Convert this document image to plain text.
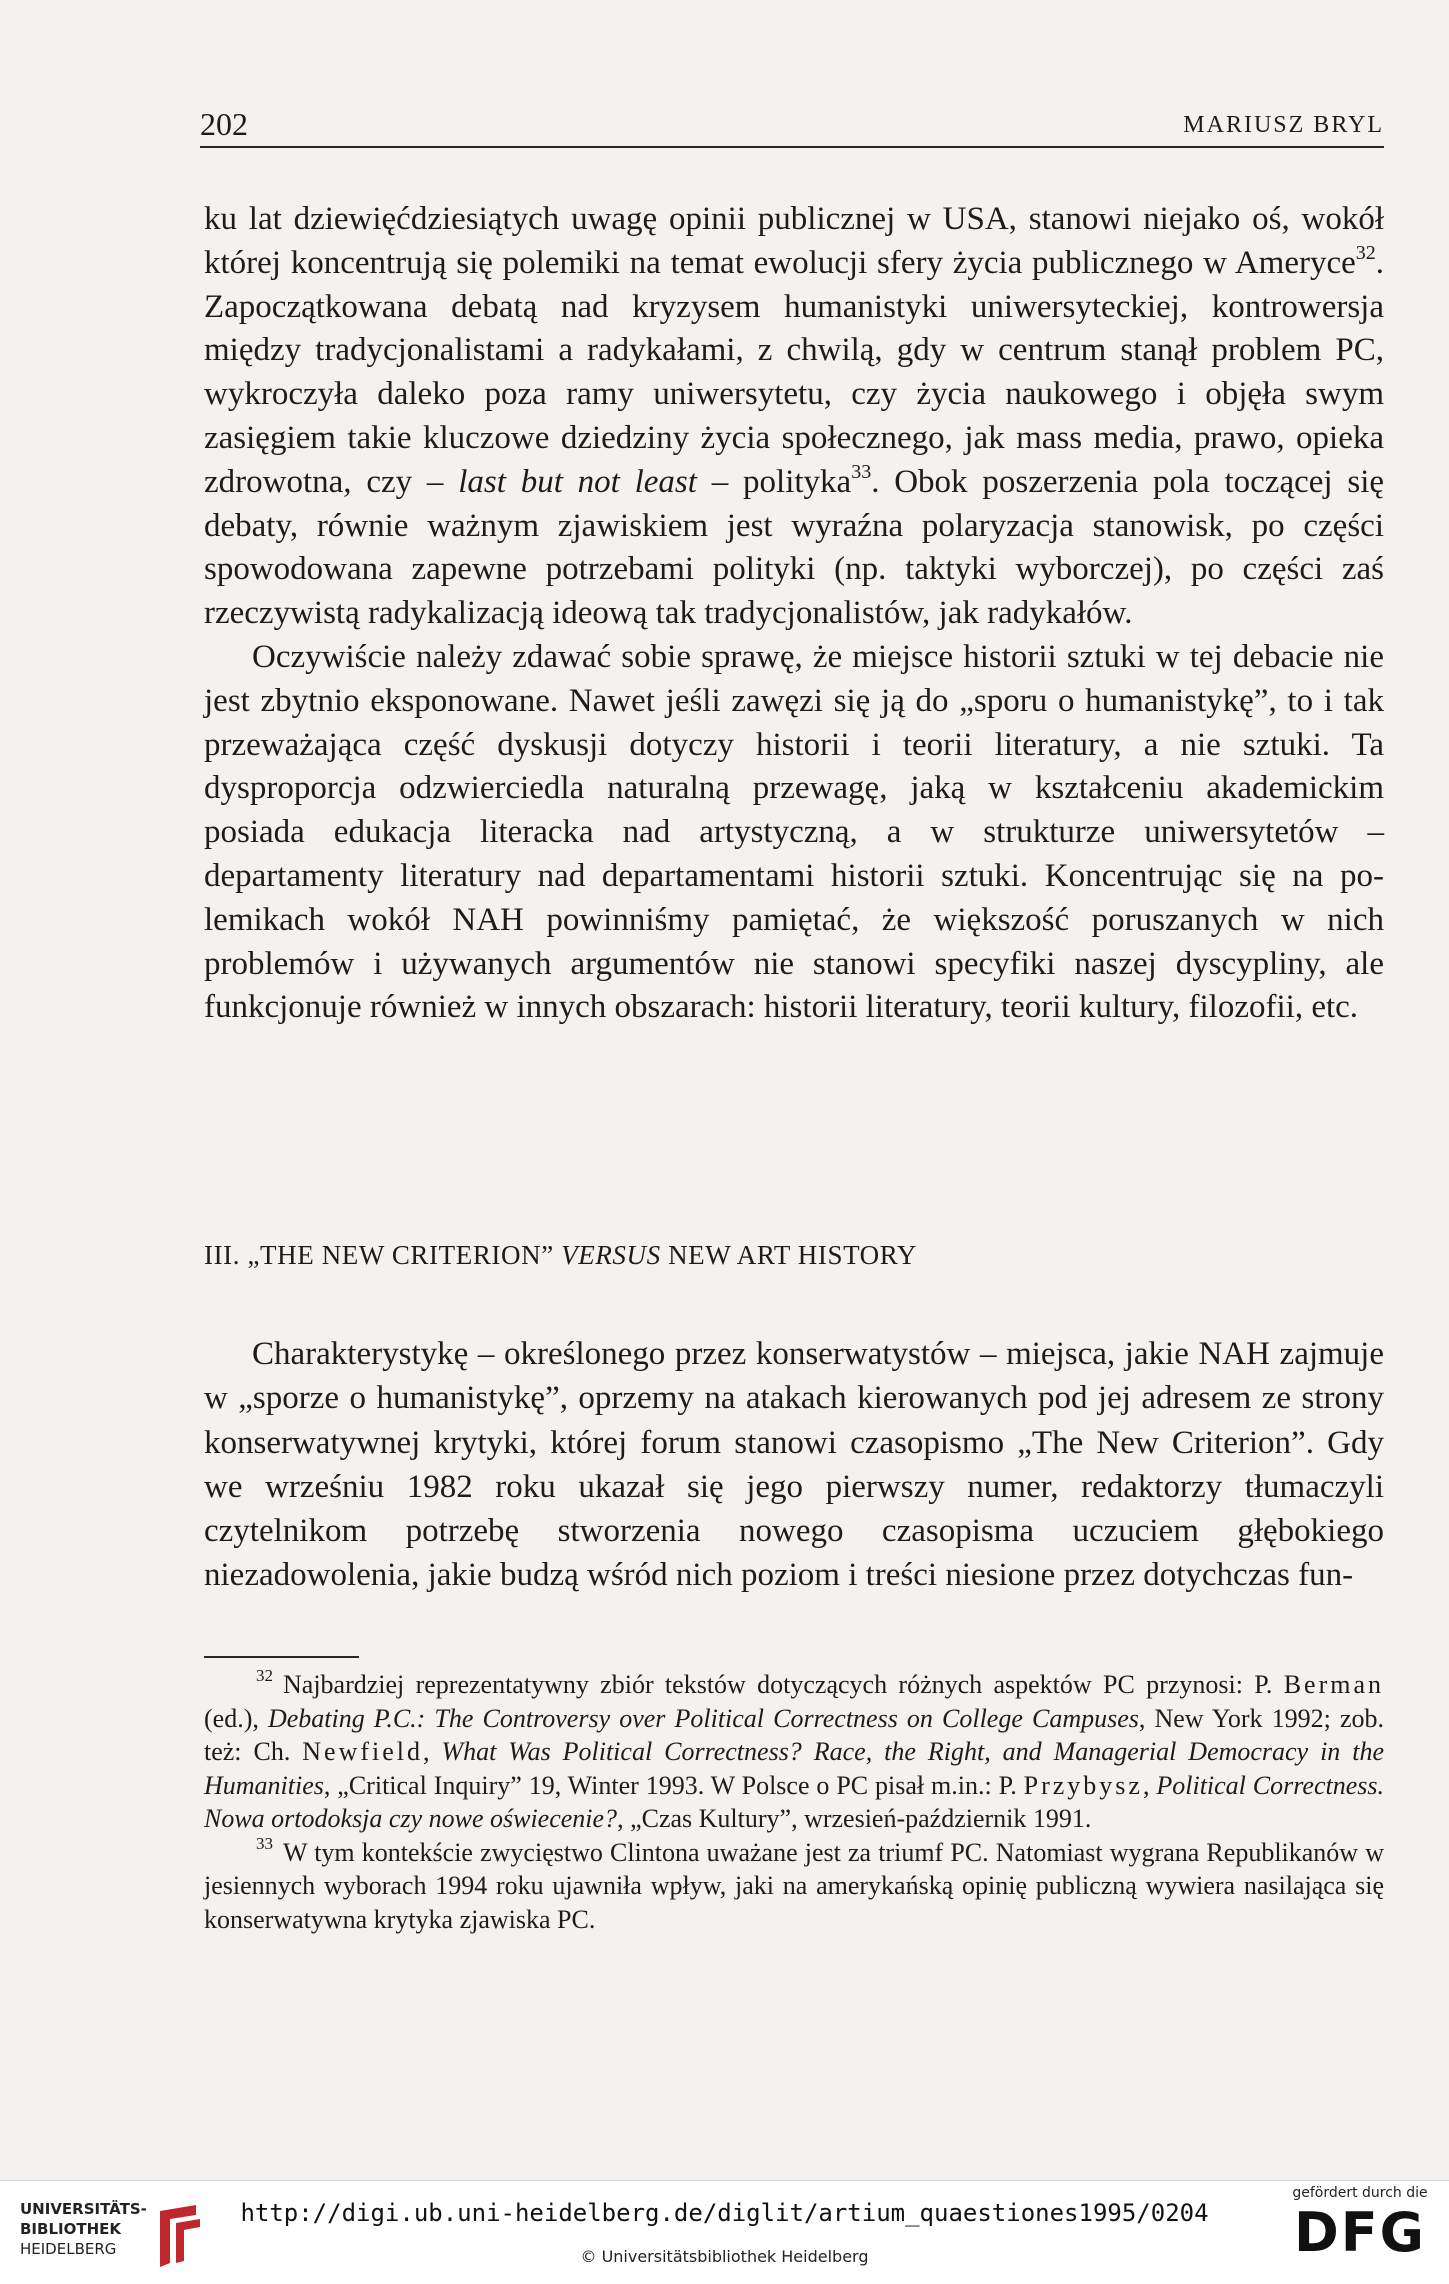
202	MARIUSZ BRYL

ku lat dziewięćdziesiątych uwagę opinii publicznej w USA, stanowi niejako oś, wokół której koncentrują się polemiki na temat ewolucji sfery życia publicznego w Ameryce$^{32}$. Zapoczątkowana debatą nad kryzysem humanistyki uniwersyteckiej, kontrowersja między tradycjonalistami a radykałami, z chwilą, gdy w centrum stanął problem PC, wykroczyła daleko poza ramy uniwersytetu, czy życia naukowego i objęła swym zasięgiem takie kluczowe dziedziny życia społecznego, jak mass media, prawo, opieka zdrowotna, czy – last but not least – polityka$^{33}$. Obok poszerzenia pola toczącej się debaty, równie ważnym zjawiskiem jest wyraźna polaryzacja stanowisk, po części spowodowana zapewne potrzebami polityki (np. taktyki wyborczej), po części zaś rzeczywistą radykalizacją ideową tak tradycjonalistów, jak radykałów.

Oczywiście należy zdawać sobie sprawę, że miejsce historii sztuki w tej debacie nie jest zbytnio eksponowane. Nawet jeśli zawęzi się ją do „sporu o humanistykę”, to i tak przeważająca część dyskusji dotyczy historii i teorii literatury, a nie sztuki. Ta dysproporcja odzwierciedla naturalną przewagę, jaką w kształceniu akademickim posiada edukacja literacka nad artystyczną, a w strukturze uniwersytetów – departamenty literatury nad departamentami historii sztuki. Koncentrując się na polemikach wokół NAH powinniśmy pamiętać, że większość poruszanych w nich problemów i używanych argumentów nie stanowi specyfiki naszej dyscypliny, ale funkcjonuje również w innych obszarach: historii literatury, teorii kultury, filozofii, etc.

III. „THE NEW CRITERION” VERSUS NEW ART HISTORY

Charakterystykę – określonego przez konserwatystów – miejsca, jakie NAH zajmuje w „sporze o humanistykę”, oprzemy na atakach kierowanych pod jej adresem ze strony konserwatywnej krytyki, której forum stanowi czasopismo „The New Criterion”. Gdy we wrześniu 1982 roku ukazał się jego pierwszy numer, redaktorzy tłumaczyli czytelnikom potrzebę stworzenia nowego czasopisma uczuciem głębokiego niezadowolenia, jakie budzą wśród nich poziom i treści niesione przez dotychczas fun-

$^{32}$ Najbardziej reprezentatywny zbiór tekstów dotyczących różnych aspektów PC przynosi: P. Berman (ed.), Debating P.C.: The Controversy over Political Correctness on College Campuses, New York 1992; zob. też: Ch. Newfield, What Was Political Correctness? Race, the Right, and Managerial Democracy in the Humanities, „Critical Inquiry” 19, Winter 1993. W Polsce o PC pisał m.in.: P. Przybysz, Political Correctness. Nowa ortodoksja czy nowe oświecenie?, „Czas Kultury”, wrzesień-październik 1991.

$^{33}$ W tym kontekście zwycięstwo Clintona uważane jest za triumf PC. Natomiast wygrana Republikanów w jesiennych wyborach 1994 roku ujawniła wpływ, jaki na amerykańską opinię publiczną wywiera nasilająca się konserwatywna krytyka zjawiska PC.

UNIVERSITÄTS-
BIBLIOTHEK
HEIDELBERG
http://digi.ub.uni-heidelberg.de/diglit/artium_quaestiones1995/0204
© Universitätsbibliothek Heidelberg
gefördert durch die
DFG
